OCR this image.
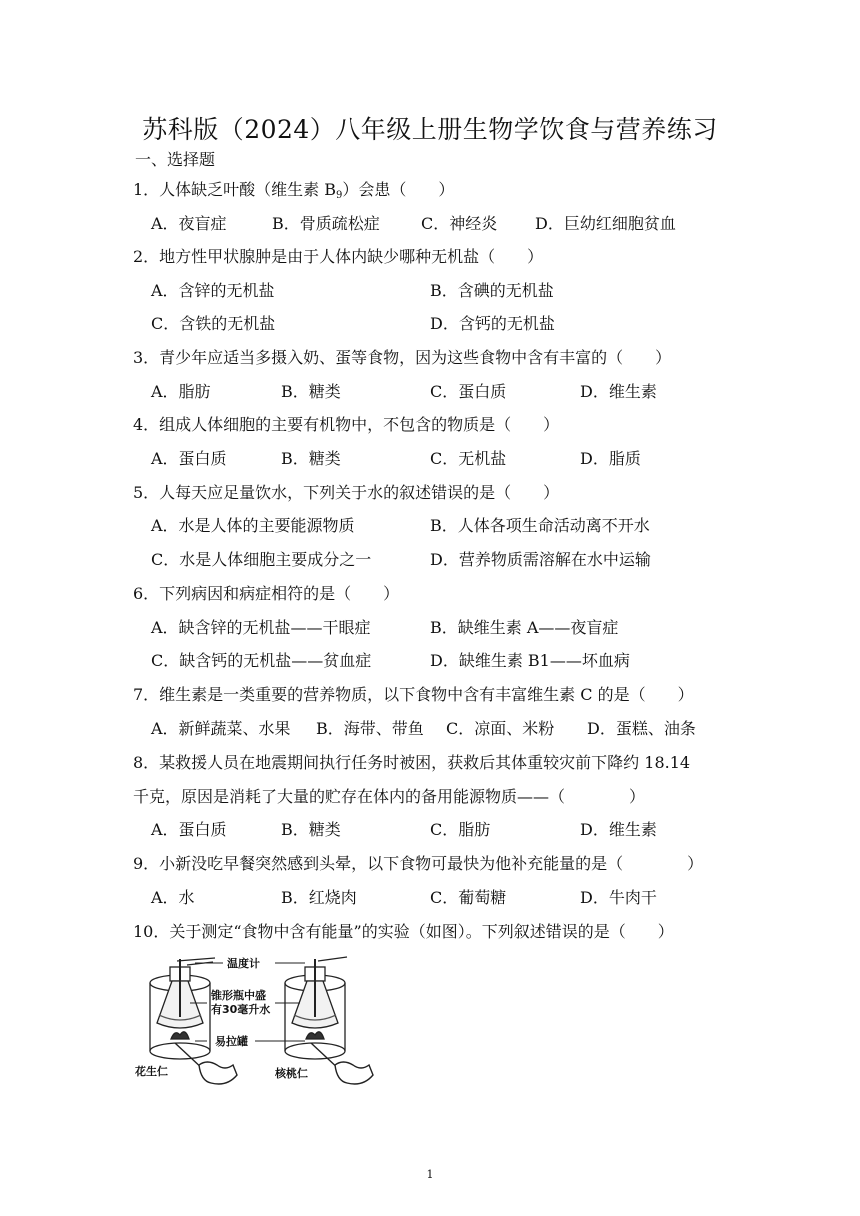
苏科版（2024）八年级上册生物学饮食与营养练习
一、选择题
1．人体缺乏叶酸（维生素 $B_9$）会患（　　）
A．夜盲症	B．骨质疏松症	C．神经炎 D．巨幼红细胞贫血
2．地方性甲状腺肿是由于人体内缺少哪种无机盐（　　）
A．含锌的无机盐	B．含碘的无机盐
C．含铁的无机盐	D．含钙的无机盐
3．青少年应适当多摄入奶、蛋等食物，因为这些食物中含有丰富的（　　）
A．脂肪	B．糖类	C．蛋白质	D．维生素
4．组成人体细胞的主要有机物中，不包含的物质是（　　）
A．蛋白质	B．糖类	C．无机盐	D．脂质
5．人每天应足量饮水，下列关于水的叙述错误的是（　　）
A．水是人体的主要能源物质	B．人体各项生命活动离不开水
C．水是人体细胞主要成分之一	D．营养物质需溶解在水中运输
6．下列病因和病症相符的是（　　）
A．缺含锌的无机盐——干眼症	B．缺维生素 A——夜盲症
C．缺含钙的无机盐——贫血症	D．缺维生素 B1——坏血病
7．维生素是一类重要的营养物质，以下食物中含有丰富维生素 C 的是（　　）
A．新鲜蔬菜、水果 B．海带、带鱼 C．凉面、米粉 D．蛋糕、油条
8．某救援人员在地震期间执行任务时被困，获救后其体重较灾前下降约 18.14
千克，原因是消耗了大量的贮存在体内的备用能源物质——（　　　　）
A．蛋白质	B．糖类	C．脂肪	D．维生素
9．小新没吃早餐突然感到头晕，以下食物可最快为他补充能量的是（　　　　）
A．水	B．红烧肉	C．葡萄糖	D．牛肉干
10．关于测定“食物中含有能量”的实验（如图）。下列叙述错误的是（　　）
温度计
锥形瓶中盛
有30毫升水
易拉罐
花生仁	核桃仁
1
